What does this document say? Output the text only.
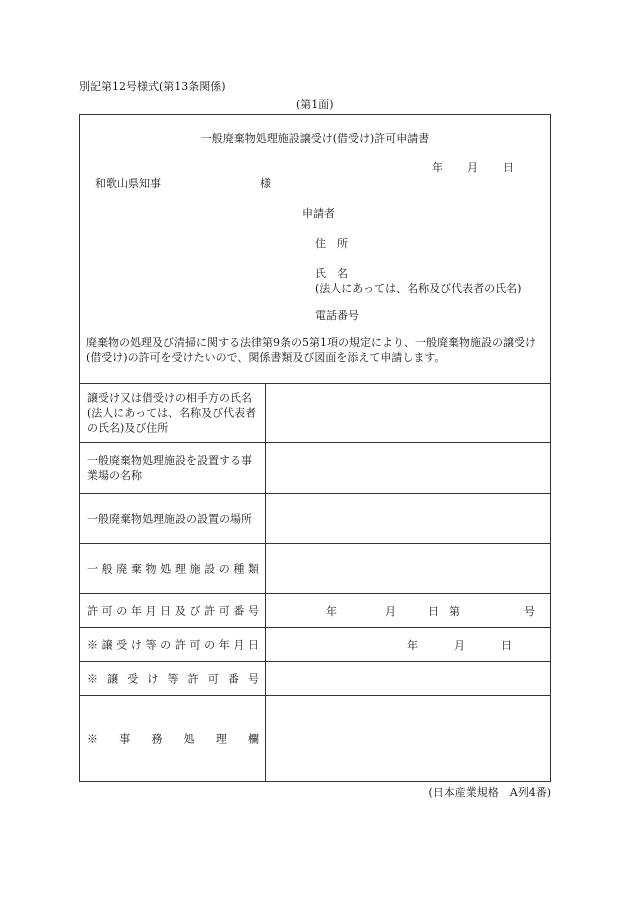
別記第12号様式(第13条関係)
(第1面)
一般廃棄物処理施設譲受け(借受け)許可申請書
年 月 日
和歌山県知事	様
申請者
住　所
氏　名
(法人にあっては、名称及び代表者の氏名)
電話番号
廃棄物の処理及び清掃に関する法律第9条の5第1項の規定により、一般廃棄物施設の譲受け(借受け)の許可を受けたいので、関係書類及び図面を添えて申請します。
譲受け又は借受けの相手方の氏名(法人にあっては、名称及び代表者の氏名)及び住所
一般廃棄物処理施設を設置する事業場の名称
一般廃棄物処理施設の設置の場所
一般廃棄物処理施設の種類
許可の年月日及び許可番号	年	月	日 第	号
※譲受け等の許可の年月日	年	月	日
※譲受け等許可番号
※事務処理欄
(日本産業規格　A列4番)
